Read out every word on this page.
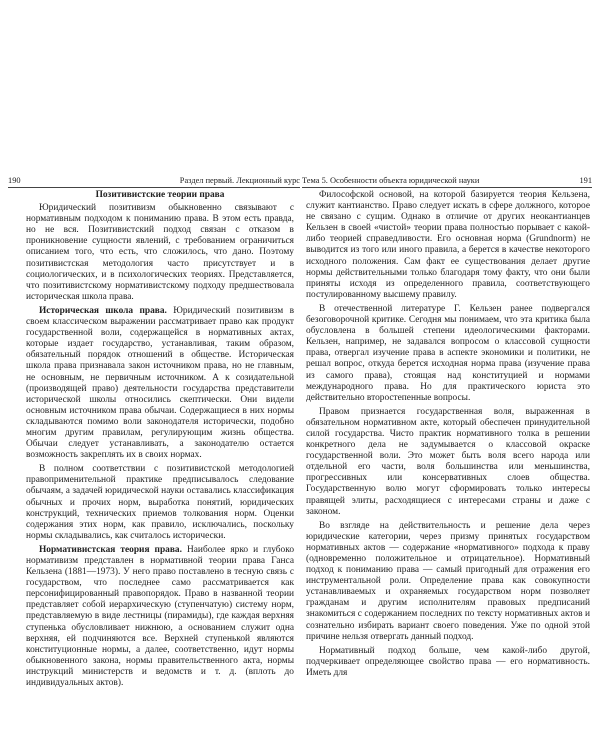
190	Раздел первый. Лекционный курс
Позитивистские теории права

Юридический позитивизм обыкновенно связывают с нормативным подходом к пониманию права. В этом есть правда, но не вся. Позитивистский подход связан с отказом в проникновение сущности явлений, с требованием ограничиться описанием того, что есть, что сложилось, что дано. Поэтому позитивистская методология часто присутствует и в социологических, и в психологических теориях. Представляется, что позитивистскому нормативистскому подходу предшествовала историческая школа права.

Историческая школа права. Юридический позитивизм в своем классическом выражении рассматривает право как продукт государственной воли, содержащейся в нормативных актах, которые издает государство, устанавливая, таким образом, обязательный порядок отношений в обществе. Историческая школа права признавала закон источником права, но не главным, не основным, не первичным источником. А к созидательной (производящей право) деятельности государства представители исторической школы относились скептически. Они видели основным источником права обычаи. Содержащиеся в них нормы складываются помимо воли законодателя исторически, подобно многим другим правилам, регулирующим жизнь общества. Обычаи следует устанавливать, а законодателю остается возможность закреплять их в своих нормах.

В полном соответствии с позитивистской методологией правоприменительной практике предписывалось следование обычаям, а задачей юридической науки оставались классификация обычных и прочих норм, выработка понятий, юридических конструкций, технических приемов толкования норм. Оценки содержания этих норм, как правило, исключались, поскольку нормы складывались, как считалось исторически.

Нормативистская теория права. Наиболее ярко и глубоко нормативизм представлен в нормативной теории права Ганса Кельзена (1881—1973). У него право поставлено в тесную связь с государством, что последнее само рассматривается как персонифицированный правопорядок. Право в названной теории представляет собой иерархическую (ступенчатую) систему норм, представляемую в виде лестницы (пирамиды), где каждая верхняя ступенька обусловливает нижнюю, а основанием служит одна верхняя, ей подчиняются все. Верхней ступенькой являются конституционные нормы, а далее, соответственно, идут нормы обыкновенного закона, нормы правительственного акта, нормы инструкций министерств и ведомств и т. д. (вплоть до индивидуальных актов).

Тема 5. Особенности объекта юридической науки	191

Философской основой, на которой базируется теория Кельзена, служит кантианство. Право следует искать в сфере должного, которое не связано с сущим. Однако в отличие от других неокантианцев Кельзен в своей «чистой» теории права полностью порывает с какой-либо теорией справедливости. Его основная норма (Grundnorm) не выводится из того или иного правила, а берется в качестве некоторого исходного положения. Сам факт ее существования делает другие нормы действительными только благодаря тому факту, что они были приняты исходя из определенного правила, соответствующего постулированному высшему правилу.

В отечественной литературе Г. Кельзен ранее подвергался безоговорочной критике. Сегодня мы понимаем, что эта критика была обусловлена в большей степени идеологическими факторами. Кельзен, например, не задавался вопросом о классовой сущности права, отвергал изучение права в аспекте экономики и политики, не решал вопрос, откуда берется исходная норма права (изучение права из самого права), стоящая над конституцией и нормами международного права. Но для практического юриста это действительно второстепенные вопросы.

Правом признается государственная воля, выраженная в обязательном нормативном акте, который обеспечен принудительной силой государства. Чисто практик нормативного толка в решении конкретного дела не задумывается о классовой окраске государственной воли. Это может быть воля всего народа или отдельной его части, воля большинства или меньшинства, прогрессивных или консервативных слоев общества. Государственную волю могут сформировать только интересы правящей элиты, расходящиеся с интересами страны и даже с законом.

Во взгляде на действительность и решение дела через юридические категории, через призму принятых государством нормативных актов — содержание «нормативного» подхода к праву (одновременно положительное и отрицательное). Нормативный подход к пониманию права — самый пригодный для отражения его инструментальной роли. Определение права как совокупности устанавливаемых и охраняемых государством норм позволяет гражданам и другим исполнителям правовых предписаний знакомиться с содержанием последних по тексту нормативных актов и сознательно избирать вариант своего поведения. Уже по одной этой причине нельзя отвергать данный подход.

Нормативный подход больше, чем какой-либо другой, подчеркивает определяющее свойство права — его нормативность. Иметь для
